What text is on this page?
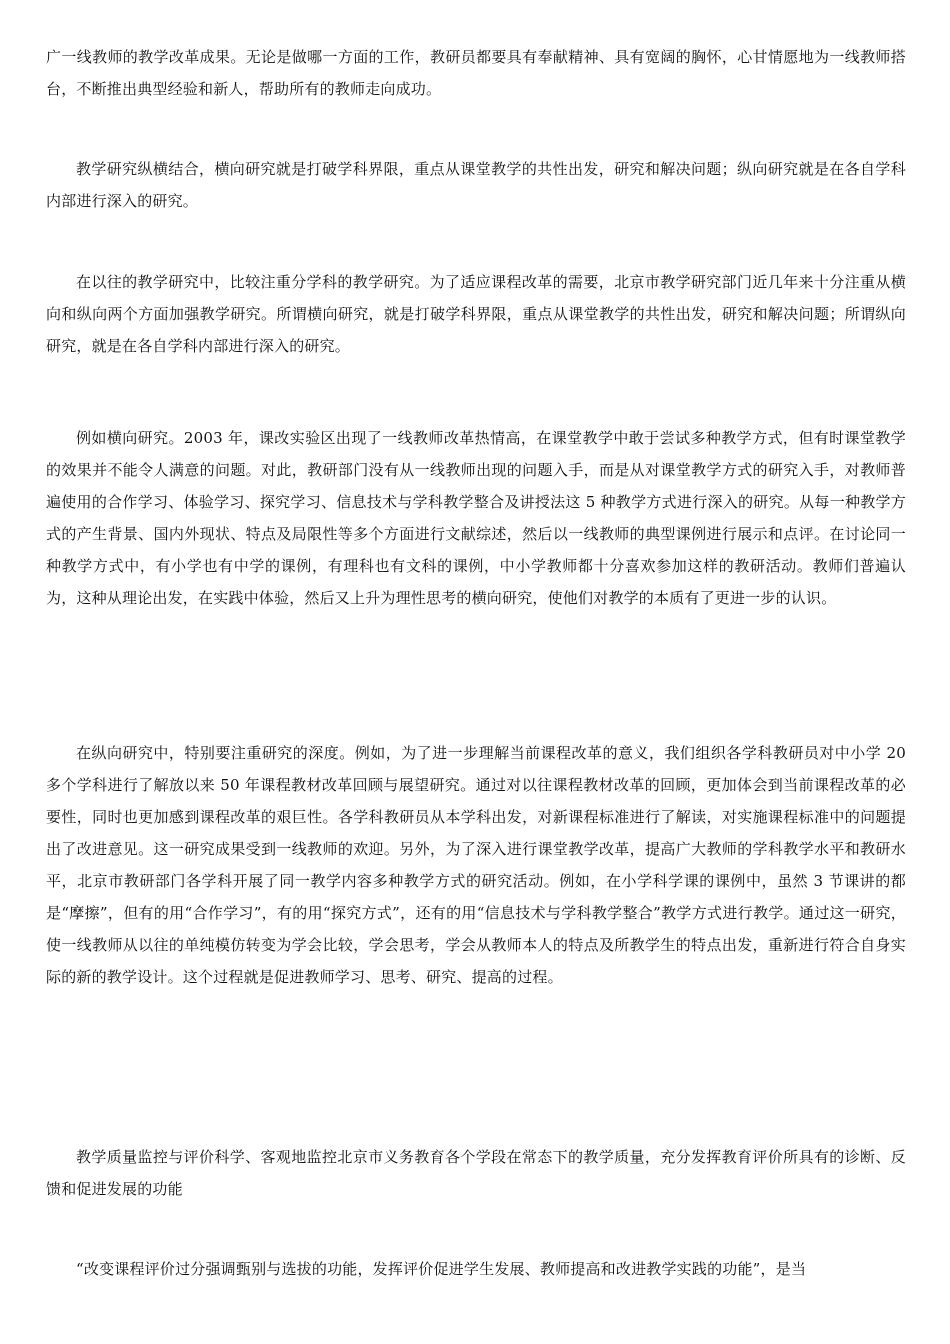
广一线教师的教学改革成果。无论是做哪一方面的工作，教研员都要具有奉献精神、具有宽阔的胸怀，心甘情愿地为一线教师搭台，不断推出典型经验和新人，帮助所有的教师走向成功。

教学研究纵横结合，横向研究就是打破学科界限，重点从课堂教学的共性出发，研究和解决问题；纵向研究就是在各自学科内部进行深入的研究。

在以往的教学研究中，比较注重分学科的教学研究。为了适应课程改革的需要，北京市教学研究部门近几年来十分注重从横向和纵向两个方面加强教学研究。所谓横向研究，就是打破学科界限，重点从课堂教学的共性出发，研究和解决问题；所谓纵向研究，就是在各自学科内部进行深入的研究。

例如横向研究。2003 年，课改实验区出现了一线教师改革热情高，在课堂教学中敢于尝试多种教学方式，但有时课堂教学的效果并不能令人满意的问题。对此，教研部门没有从一线教师出现的问题入手，而是从对课堂教学方式的研究入手，对教师普遍使用的合作学习、体验学习、探究学习、信息技术与学科教学整合及讲授法这 5 种教学方式进行深入的研究。从每一种教学方式的产生背景、国内外现状、特点及局限性等多个方面进行文献综述，然后以一线教师的典型课例进行展示和点评。在讨论同一种教学方式中，有小学也有中学的课例，有理科也有文科的课例，中小学教师都十分喜欢参加这样的教研活动。教师们普遍认为，这种从理论出发，在实践中体验，然后又上升为理性思考的横向研究，使他们对教学的本质有了更进一步的认识。

在纵向研究中，特别要注重研究的深度。例如，为了进一步理解当前课程改革的意义，我们组织各学科教研员对中小学 20 多个学科进行了解放以来 50 年课程教材改革回顾与展望研究。通过对以往课程教材改革的回顾，更加体会到当前课程改革的必要性，同时也更加感到课程改革的艰巨性。各学科教研员从本学科出发，对新课程标准进行了解读，对实施课程标准中的问题提出了改进意见。这一研究成果受到一线教师的欢迎。另外，为了深入进行课堂教学改革，提高广大教师的学科教学水平和教研水平，北京市教研部门各学科开展了同一教学内容多种教学方式的研究活动。例如，在小学科学课的课例中，虽然 3 节课讲的都是“摩擦”，但有的用“合作学习”，有的用“探究方式”，还有的用“信息技术与学科教学整合”教学方式进行教学。通过这一研究，使一线教师从以往的单纯模仿转变为学会比较，学会思考，学会从教师本人的特点及所教学生的特点出发，重新进行符合自身实际的新的教学设计。这个过程就是促进教师学习、思考、研究、提高的过程。

教学质量监控与评价科学、客观地监控北京市义务教育各个学段在常态下的教学质量，充分发挥教育评价所具有的诊断、反馈和促进发展的功能

“改变课程评价过分强调甄别与选拔的功能，发挥评价促进学生发展、教师提高和改进教学实践的功能”，是当
